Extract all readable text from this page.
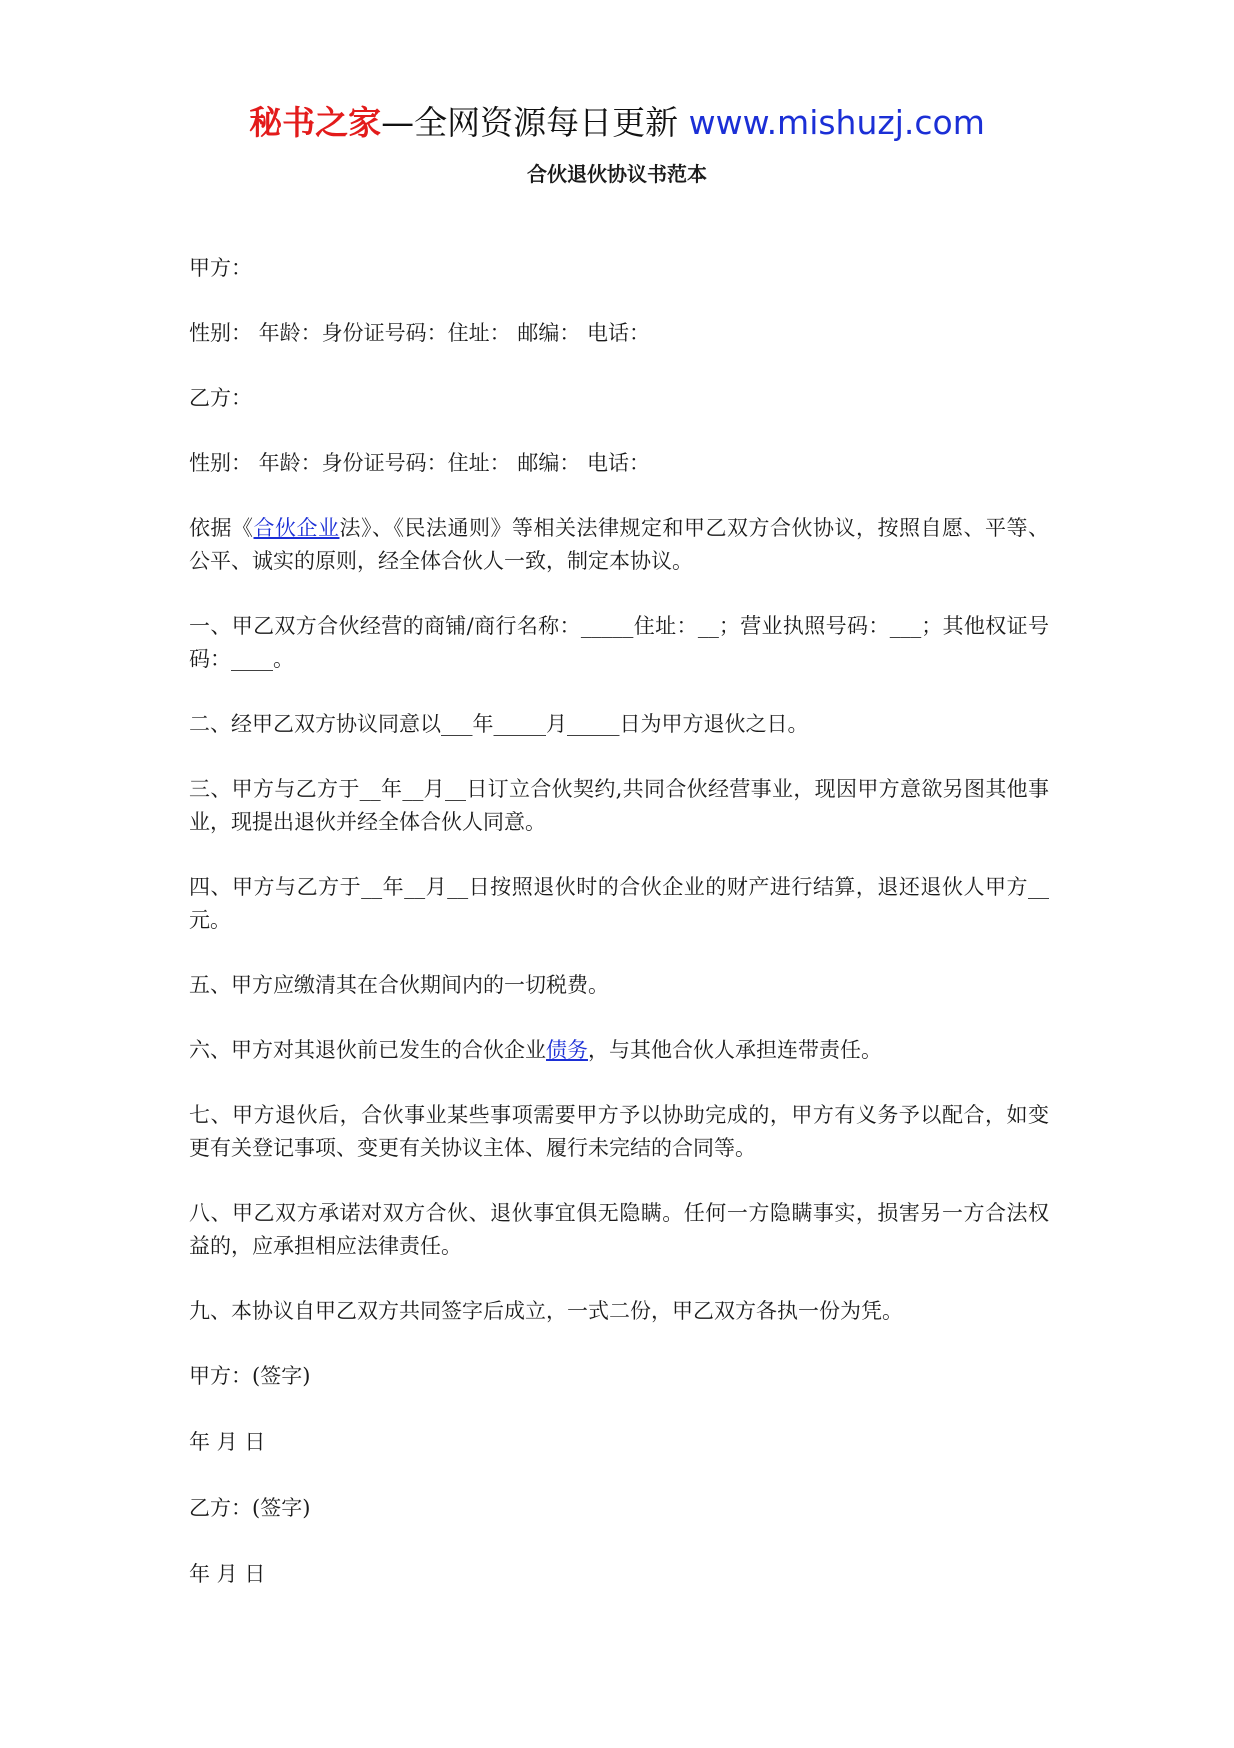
秘书之家—全网资源每日更新 www.mishuzj.com
合伙退伙协议书范本

甲方：

性别： 年龄：身份证号码：住址： 邮编： 电话：

乙方：

性别： 年龄：身份证号码：住址： 邮编： 电话：

依据《合伙企业法》、《民法通则》等相关法律规定和甲乙双方合伙协议，按照自愿、平等、公平、诚实的原则，经全体合伙人一致，制定本协议。

一、甲乙双方合伙经营的商铺/商行名称：_____住址：__；营业执照号码：___；其他权证号码：____。

二、经甲乙双方协议同意以___年_____月_____日为甲方退伙之日。

三、甲方与乙方于__年__月__日订立合伙契约,共同合伙经营事业，现因甲方意欲另图其他事业，现提出退伙并经全体合伙人同意。

四、甲方与乙方于__年__月__日按照退伙时的合伙企业的财产进行结算，退还退伙人甲方__元。

五、甲方应缴清其在合伙期间内的一切税费。

六、甲方对其退伙前已发生的合伙企业债务，与其他合伙人承担连带责任。

七、甲方退伙后，合伙事业某些事项需要甲方予以协助完成的，甲方有义务予以配合，如变更有关登记事项、变更有关协议主体、履行未完结的合同等。

八、甲乙双方承诺对双方合伙、退伙事宜俱无隐瞒。任何一方隐瞒事实，损害另一方合法权益的，应承担相应法律责任。

九、本协议自甲乙双方共同签字后成立，一式二份，甲乙双方各执一份为凭。

甲方：(签字)

年 月 日

乙方：(签字)

年 月 日
